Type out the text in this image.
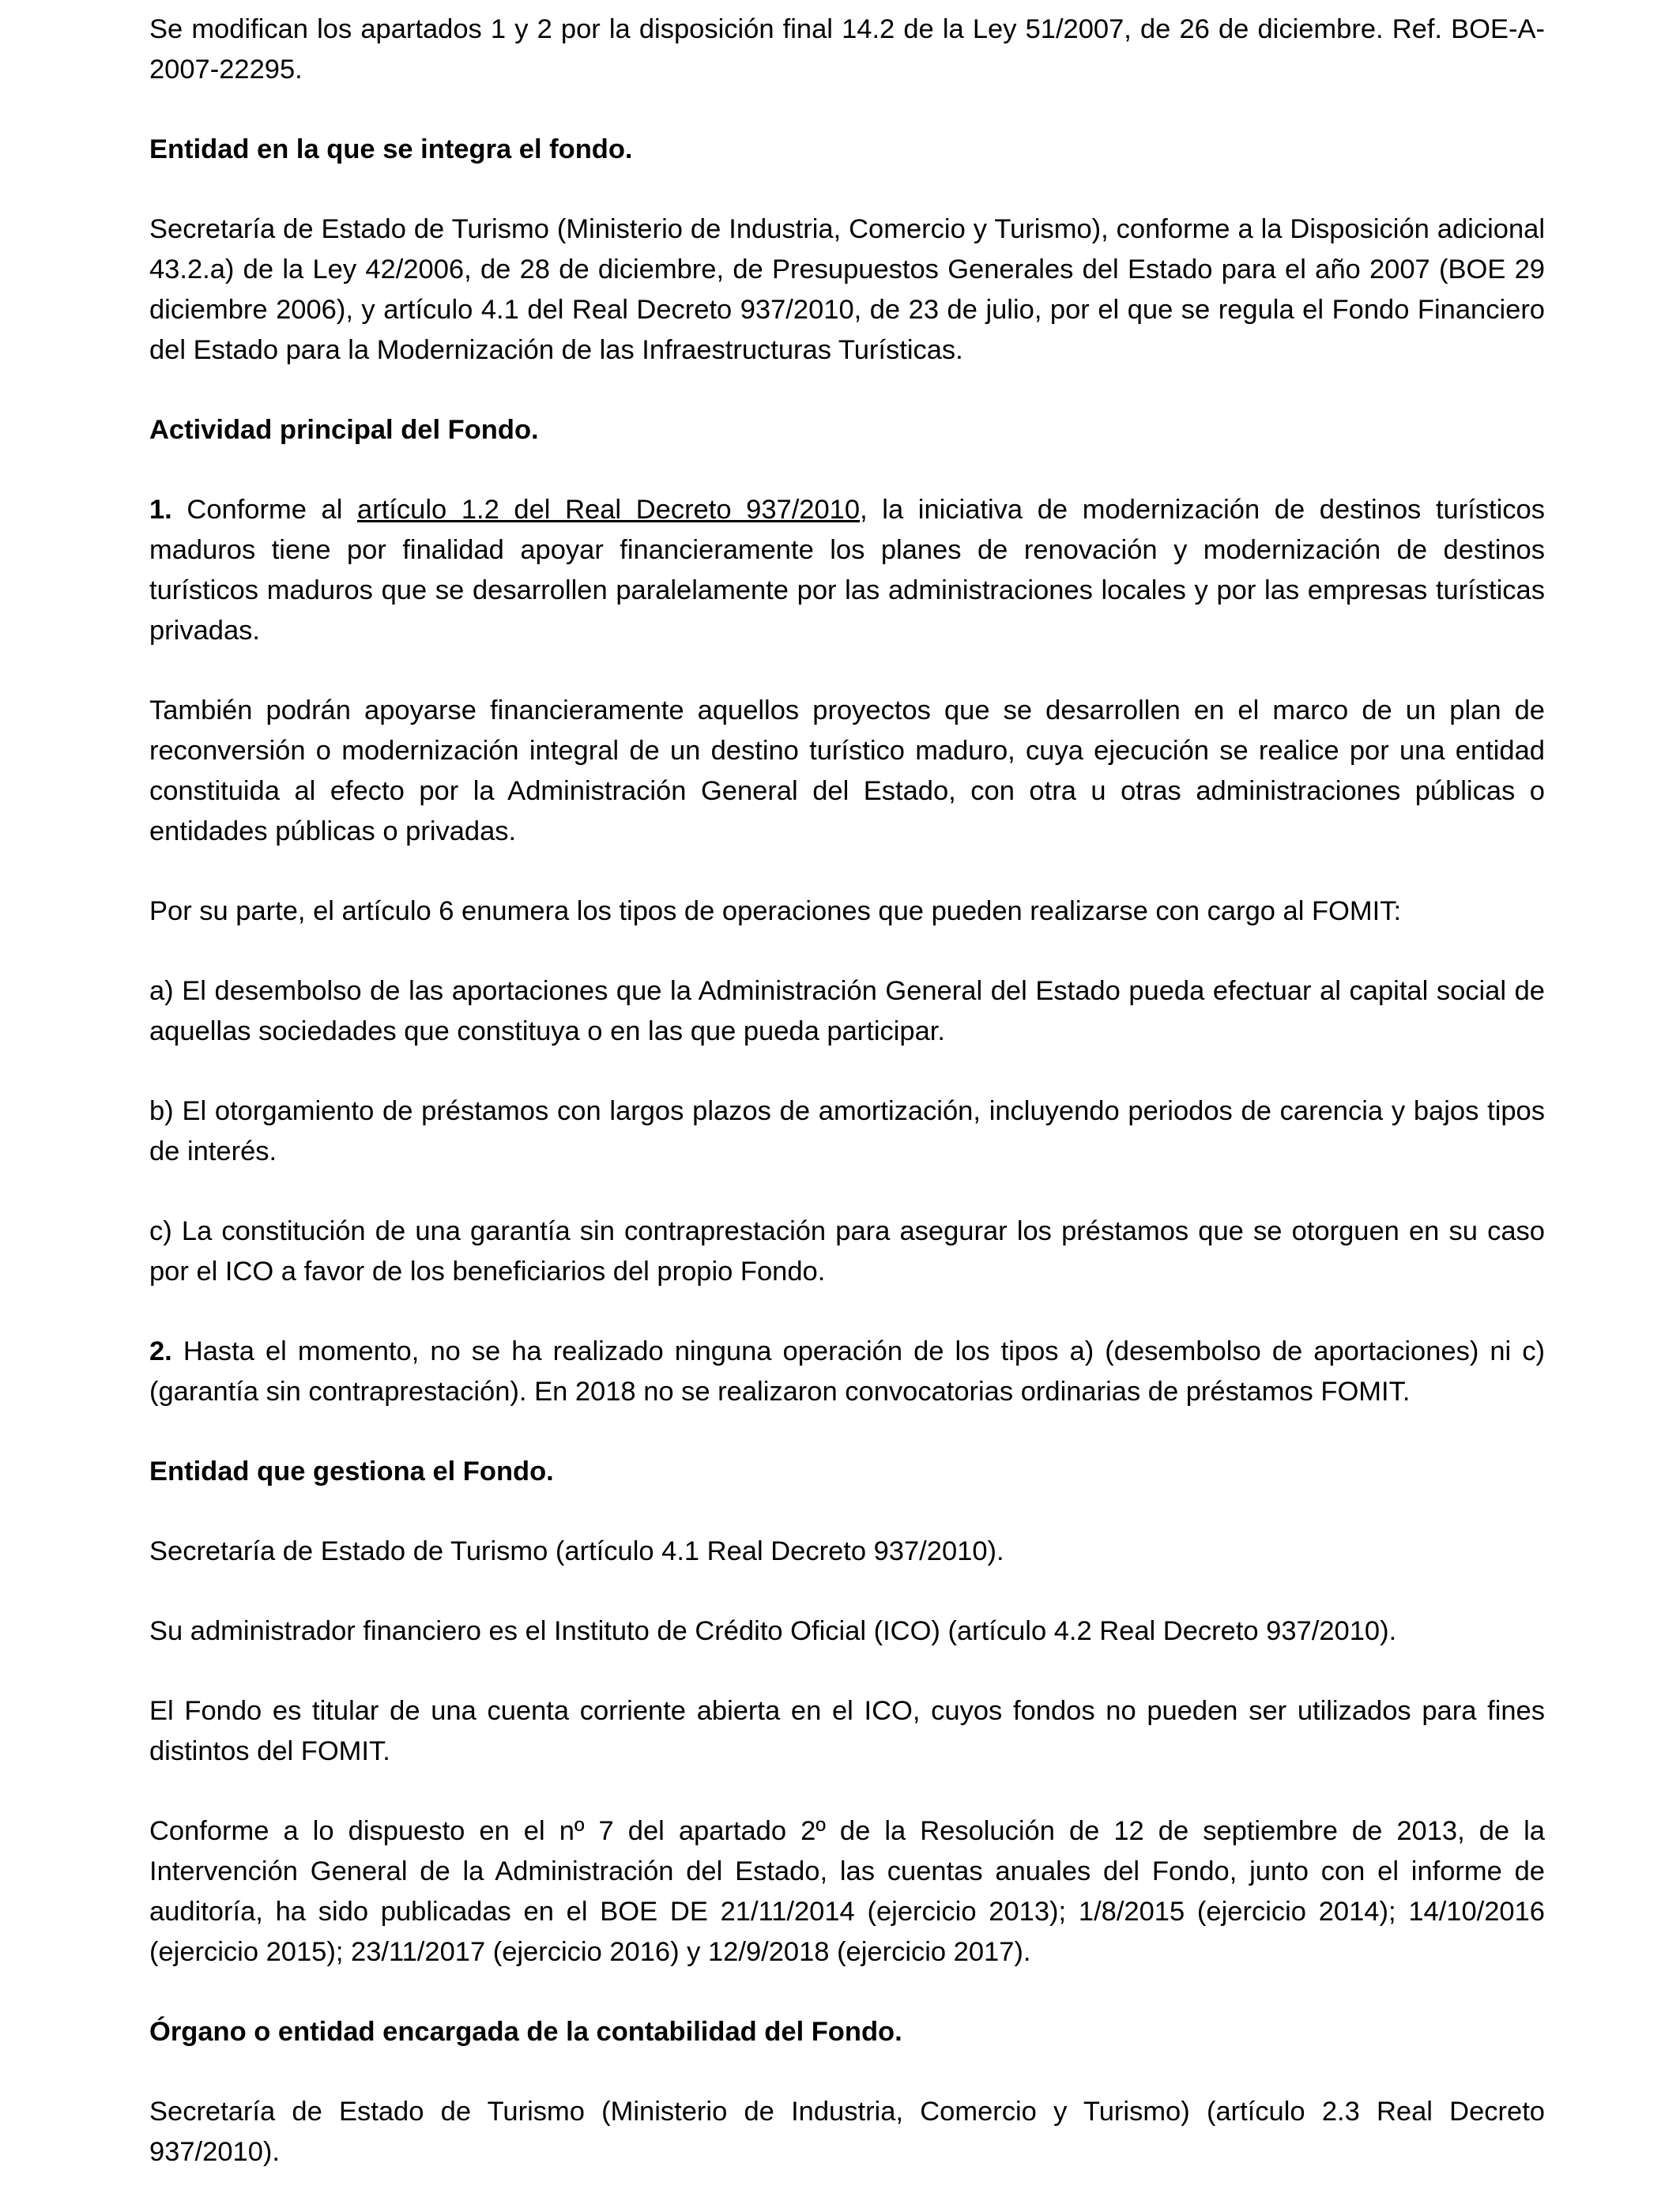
Se modifican los apartados 1 y 2 por la disposición final 14.2 de la Ley 51/2007, de 26 de diciembre. Ref. BOE-A-2007-22295.

Entidad en la que se integra el fondo.

Secretaría de Estado de Turismo (Ministerio de Industria, Comercio y Turismo), conforme a la Disposición adicional 43.2.a) de la Ley 42/2006, de 28 de diciembre, de Presupuestos Generales del Estado para el año 2007 (BOE 29 diciembre 2006), y artículo 4.1 del Real Decreto 937/2010, de 23 de julio, por el que se regula el Fondo Financiero del Estado para la Modernización de las Infraestructuras Turísticas.

Actividad principal del Fondo.

1. Conforme al artículo 1.2 del Real Decreto 937/2010, la iniciativa de modernización de destinos turísticos maduros tiene por finalidad apoyar financieramente los planes de renovación y modernización de destinos turísticos maduros que se desarrollen paralelamente por las administraciones locales y por las empresas turísticas privadas.

También podrán apoyarse financieramente aquellos proyectos que se desarrollen en el marco de un plan de reconversión o modernización integral de un destino turístico maduro, cuya ejecución se realice por una entidad constituida al efecto por la Administración General del Estado, con otra u otras administraciones públicas o entidades públicas o privadas.

Por su parte, el artículo 6 enumera los tipos de operaciones que pueden realizarse con cargo al FOMIT:

a) El desembolso de las aportaciones que la Administración General del Estado pueda efectuar al capital social de aquellas sociedades que constituya o en las que pueda participar.

b) El otorgamiento de préstamos con largos plazos de amortización, incluyendo periodos de carencia y bajos tipos de interés.

c) La constitución de una garantía sin contraprestación para asegurar los préstamos que se otorguen en su caso por el ICO a favor de los beneficiarios del propio Fondo.

2. Hasta el momento, no se ha realizado ninguna operación de los tipos a) (desembolso de aportaciones) ni c) (garantía sin contraprestación). En 2018 no se realizaron convocatorias ordinarias de préstamos FOMIT.

Entidad que gestiona el Fondo.

Secretaría de Estado de Turismo (artículo 4.1 Real Decreto 937/2010).

Su administrador financiero es el Instituto de Crédito Oficial (ICO) (artículo 4.2 Real Decreto 937/2010).

El Fondo es titular de una cuenta corriente abierta en el ICO, cuyos fondos no pueden ser utilizados para fines distintos del FOMIT.

Conforme a lo dispuesto en el nº 7 del apartado 2º de la Resolución de 12 de septiembre de 2013, de la Intervención General de la Administración del Estado, las cuentas anuales del Fondo, junto con el informe de auditoría, ha sido publicadas en el BOE DE 21/11/2014 (ejercicio 2013); 1/8/2015 (ejercicio 2014); 14/10/2016 (ejercicio 2015); 23/11/2017 (ejercicio 2016) y 12/9/2018 (ejercicio 2017).

Órgano o entidad encargada de la contabilidad del Fondo.

Secretaría de Estado de Turismo (Ministerio de Industria, Comercio y Turismo) (artículo 2.3 Real Decreto 937/2010).
